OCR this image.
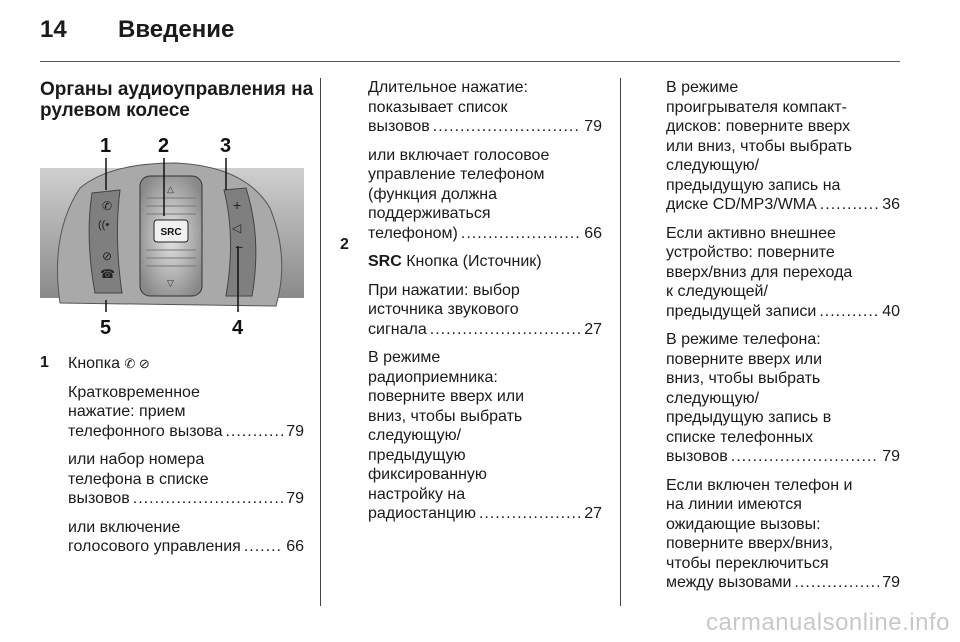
14 Введение
Органы аудиоуправления на
рулевом колесе
SRC
1 2	3
5	4
✆
((•
⊘
☎
+
◁
−
△
▽
1 Кнопка ✆ ⊘

Кратковременное
нажатие: прием
телефонного вызова .....	79

или набор номера
телефона в списке
вызовов .....	79

или включение
голосового управления .....	66

Длительное нажатие:
показывает список
вызовов .....	79

или включает голосовое
управление телефоном
(функция должна
поддерживаться
телефоном) .....	66

SRC Кнопка (Источник)

При нажатии: выбор
источника звукового
сигнала .....	27

В режиме
радиоприемника:
поверните вверх или
вниз, чтобы выбрать
следующую/
предыдущую
фиксированную
настройку на
радиостанцию .....	27

2

В режиме
проигрывателя компакт-
дисков: поверните вверх
или вниз, чтобы выбрать
следующую/
предыдущую запись на
диске CD/MP3/WMA .....	36

Если активно внешнее
устройство: поверните
вверх/вниз для перехода
к следующей/
предыдущей записи .....	40

В режиме телефона:
поверните вверх или
вниз, чтобы выбрать
следующую/
предыдущую запись в
списке телефонных
вызовов .....	79

Если включен телефон и
на линии имеются
ожидающие вызовы:
поверните вверх/вниз,
чтобы переключиться
между вызовами .....	79

carmanualsonline.info
